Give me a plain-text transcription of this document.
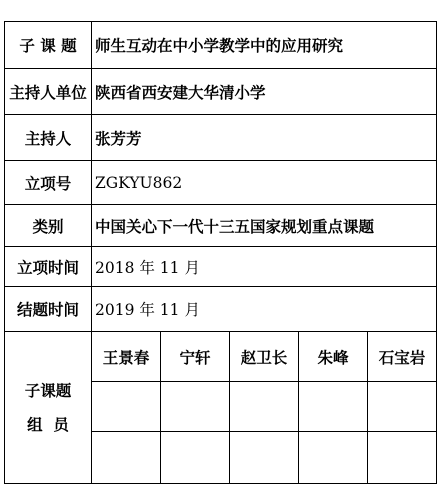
子 课 题	师生互动在中小学教学中的应用研究				
主持人单位	陕西省西安建大华清小学				
主持人	张芳芳				
立项号	ZGKYU862				
类别	中国关心下一代十三五国家规划重点课题				
立项时间	2018 年 11 月				
结题时间	2019 年 11 月				

子课题
组  员	王景春	宁轩	赵卫长	朱峰	石宝岩
